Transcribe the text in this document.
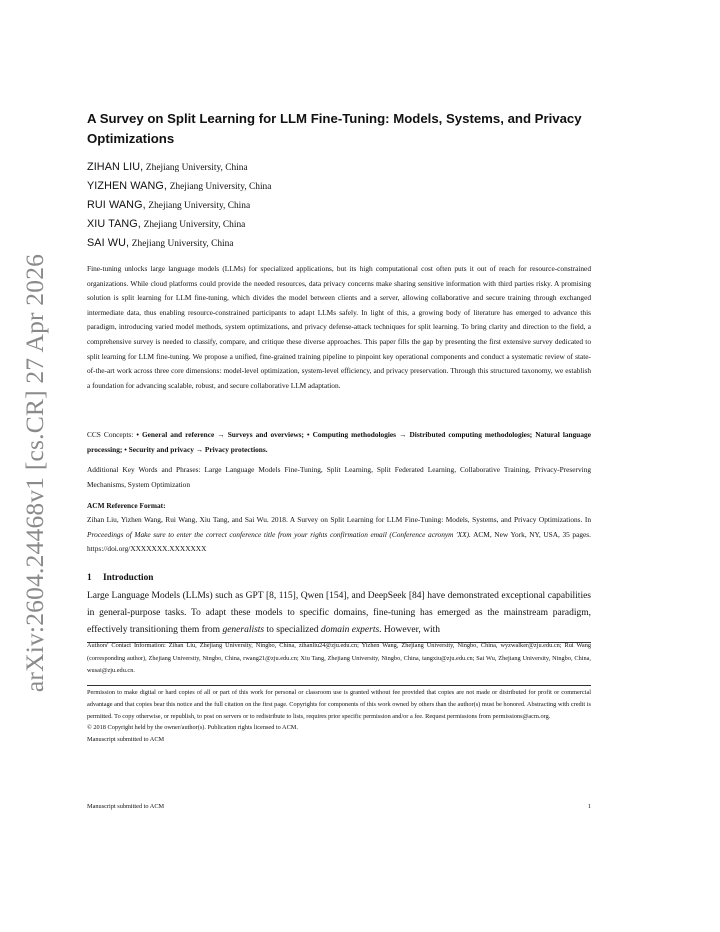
arXiv:2604.24468v1 [cs.CR] 27 Apr 2026
A Survey on Split Learning for LLM Fine-Tuning: Models, Systems, and Privacy Optimizations
ZIHAN LIU, Zhejiang University, China
YIZHEN WANG, Zhejiang University, China
RUI WANG, Zhejiang University, China
XIU TANG, Zhejiang University, China
SAI WU, Zhejiang University, China

Fine-tuning unlocks large language models (LLMs) for specialized applications, but its high computational cost often puts it out of reach for resource-constrained organizations. While cloud platforms could provide the needed resources, data privacy concerns make sharing sensitive information with third parties risky. A promising solution is split learning for LLM fine-tuning, which divides the model between clients and a server, allowing collaborative and secure training through exchanged intermediate data, thus enabling resource-constrained participants to adapt LLMs safely. In light of this, a growing body of literature has emerged to advance this paradigm, introducing varied model methods, system optimizations, and privacy defense-attack techniques for split learning. To bring clarity and direction to the field, a comprehensive survey is needed to classify, compare, and critique these diverse approaches. This paper fills the gap by presenting the first extensive survey dedicated to split learning for LLM fine-tuning. We propose a unified, fine-grained training pipeline to pinpoint key operational components and conduct a systematic review of state-of-the-art work across three core dimensions: model-level optimization, system-level efficiency, and privacy preservation. Through this structured taxonomy, we establish a foundation for advancing scalable, robust, and secure collaborative LLM adaptation.

CCS Concepts: • General and reference → Surveys and overviews; • Computing methodologies → Distributed computing methodologies; Natural language processing; • Security and privacy → Privacy protections.

Additional Key Words and Phrases: Large Language Models Fine-Tuning, Split Learning, Split Federated Learning, Collaborative Training, Privacy-Preserving Mechanisms, System Optimization

ACM Reference Format:

Zihan Liu, Yizhen Wang, Rui Wang, Xiu Tang, and Sai Wu. 2018. A Survey on Split Learning for LLM Fine-Tuning: Models, Systems, and Privacy Optimizations. In Proceedings of Make sure to enter the correct conference title from your rights confirmation email (Conference acronym 'XX). ACM, New York, NY, USA, 35 pages. https://doi.org/XXXXXXX.XXXXXXX

1 Introduction

Large Language Models (LLMs) such as GPT [8, 115], Qwen [154], and DeepSeek [84] have demonstrated exceptional capabilities in general-purpose tasks. To adapt these models to specific domains, fine-tuning has emerged as the mainstream paradigm, effectively transitioning them from generalists to specialized domain experts. However, with

Authors' Contact Information: Zihan Liu, Zhejiang University, Ningbo, China, zihanliu24@zju.edu.cn; Yizhen Wang, Zhejiang University, Ningbo, China, wyzwalker@zju.edu.cn; Rui Wang (corresponding author), Zhejiang University, Ningbo, China, rwang21@zju.edu.cn; Xiu Tang, Zhejiang University, Ningbo, China, tangxiu@zju.edu.cn; Sai Wu, Zhejiang University, Ningbo, China, wusai@zju.edu.cn.

Permission to make digital or hard copies of all or part of this work for personal or classroom use is granted without fee provided that copies are not made or distributed for profit or commercial advantage and that copies bear this notice and the full citation on the first page. Copyrights for components of this work owned by others than the author(s) must be honored. Abstracting with credit is permitted. To copy otherwise, or republish, to post on servers or to redistribute to lists, requires prior specific permission and/or a fee. Request permissions from permissions@acm.org.
© 2018 Copyright held by the owner/author(s). Publication rights licensed to ACM.
Manuscript submitted to ACM

Manuscript submitted to ACM	1
